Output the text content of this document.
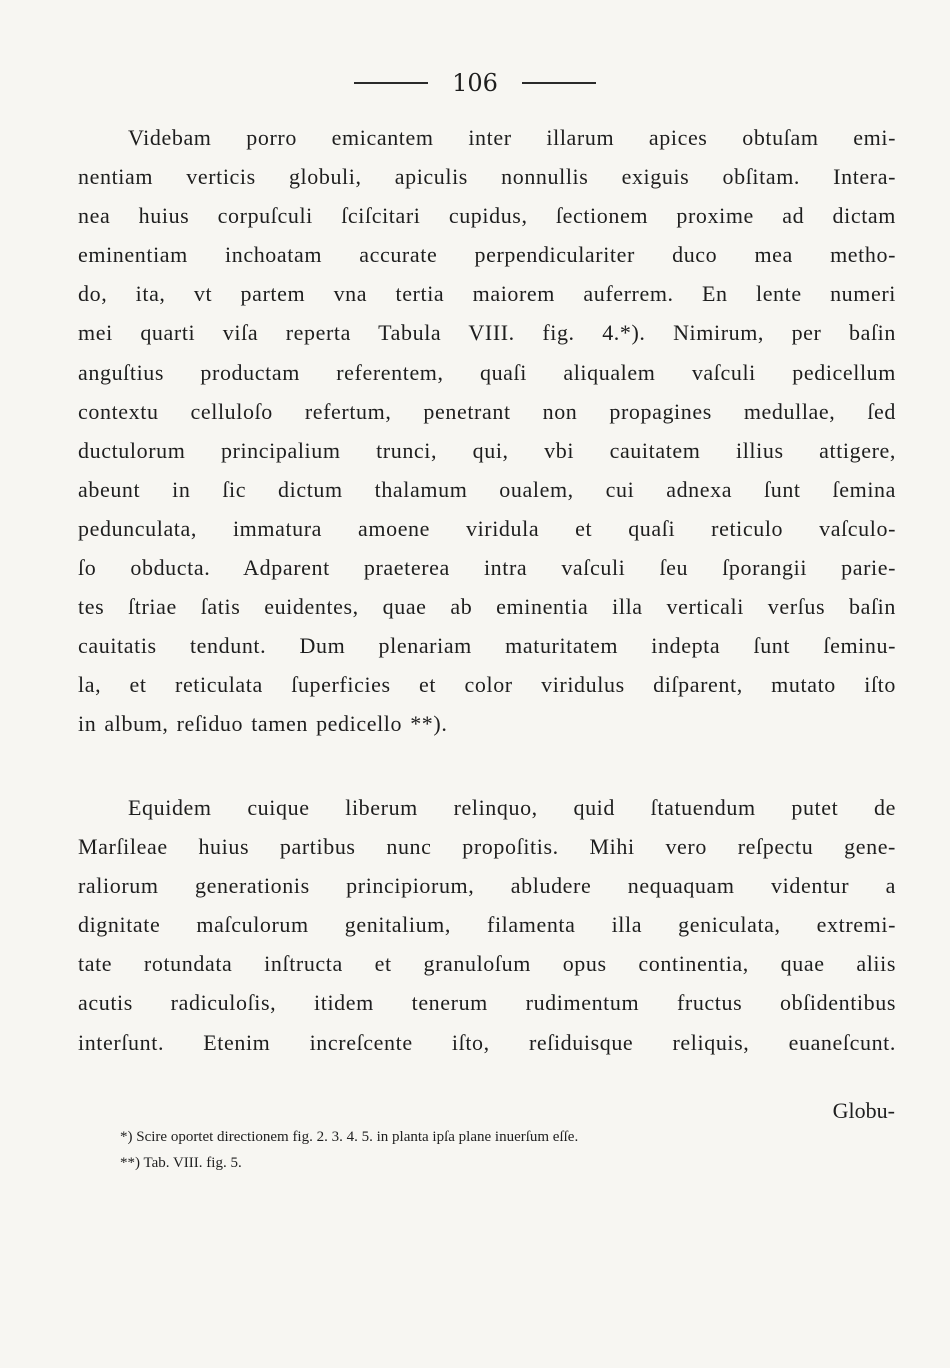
106
Videbam porro emicantem inter illarum apices obtuſam emi-
nentiam verticis globuli, apiculis nonnullis exiguis obſitam. Intera-
nea huius corpuſculi ſciſcitari cupidus, ſectionem proxime ad dictam
eminentiam inchoatam accurate perpendiculariter duco mea metho-
do, ita, vt partem vna tertia maiorem auferrem. En lente numeri
mei quarti viſa reperta Tabula VIII. fig. 4.*). Nimirum, per baſin
anguſtius productam referentem, quaſi aliqualem vaſculi pedicellum
contextu celluloſo refertum, penetrant non propagines medullae, ſed
ductulorum principalium trunci, qui, vbi cauitatem illius attigere,
abeunt in ſic dictum thalamum oualem, cui adnexa ſunt ſemina
pedunculata, immatura amoene viridula et quaſi reticulo vaſculo-
ſo obducta. Adparent praeterea intra vaſculi ſeu ſporangii parie-
tes ſtriae ſatis euidentes, quae ab eminentia illa verticali verſus baſin
cauitatis tendunt. Dum plenariam maturitatem indepta ſunt ſeminu-
la, et reticulata ſuperficies et color viridulus diſparent, mutato iſto
in album, reſiduo tamen pedicello **).
Equidem cuique liberum relinquo, quid ſtatuendum putet de
Marſileae huius partibus nunc propoſitis. Mihi vero reſpectu gene-
raliorum generationis principiorum, abludere nequaquam videntur a
dignitate maſculorum genitalium, filamenta illa geniculata, extremi-
tate rotundata inſtructa et granuloſum opus continentia, quae aliis
acutis radiculoſis, itidem tenerum rudimentum fructus obſidentibus
interſunt. Etenim increſcente iſto, reſiduisque reliquis, euaneſcunt.
Globu-
*) Scire oportet directionem fig. 2. 3. 4. 5. in planta ipſa plane inuerſum eſſe.
**) Tab. VIII. fig. 5.
